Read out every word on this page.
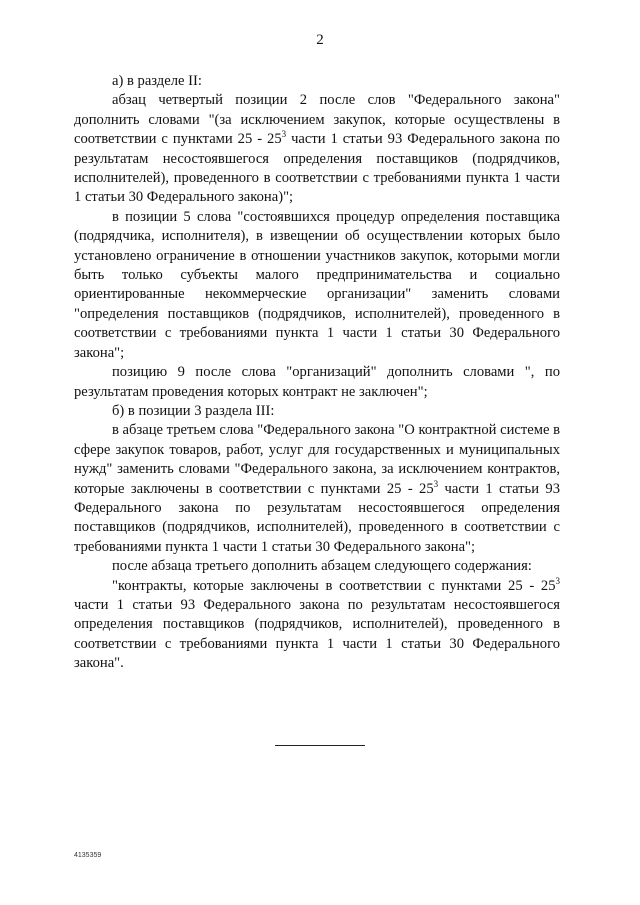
2

а) в разделе II:

абзац четвертый позиции 2 после слов "Федерального закона" дополнить словами "(за исключением закупок, которые осуществлены в соответствии с пунктами $25 - 25^3$ части 1 статьи 93 Федерального закона по результатам несостоявшегося определения поставщиков (подрядчиков, исполнителей), проведенного в соответствии с требованиями пункта 1 части 1 статьи 30 Федерального закона)";

в позиции 5 слова "состоявшихся процедур определения поставщика (подрядчика, исполнителя), в извещении об осуществлении которых было установлено ограничение в отношении участников закупок, которыми могли быть только субъекты малого предпринимательства и социально ориентированные некоммерческие организации" заменить словами "определения поставщиков (подрядчиков, исполнителей), проведенного в соответствии с требованиями пункта 1 части 1 статьи 30 Федерального закона";

позицию 9 после слова "организаций" дополнить словами ", по результатам проведения которых контракт не заключен";

б) в позиции 3 раздела III:

в абзаце третьем слова "Федерального закона "О контрактной системе в сфере закупок товаров, работ, услуг для государственных и муниципальных нужд" заменить словами "Федерального закона, за исключением контрактов, которые заключены в соответствии с пунктами $25 - 25^3$ части 1 статьи 93 Федерального закона по результатам несостоявшегося определения поставщиков (подрядчиков, исполнителей), проведенного в соответствии с требованиями пункта 1 части 1 статьи 30 Федерального закона";

после абзаца третьего дополнить абзацем следующего содержания:

"контракты, которые заключены в соответствии с пунктами $25 - 25^3$ части 1 статьи 93 Федерального закона по результатам несостоявшегося определения поставщиков (подрядчиков, исполнителей), проведенного в соответствии с требованиями пункта 1 части 1 статьи 30 Федерального закона".

4135359
